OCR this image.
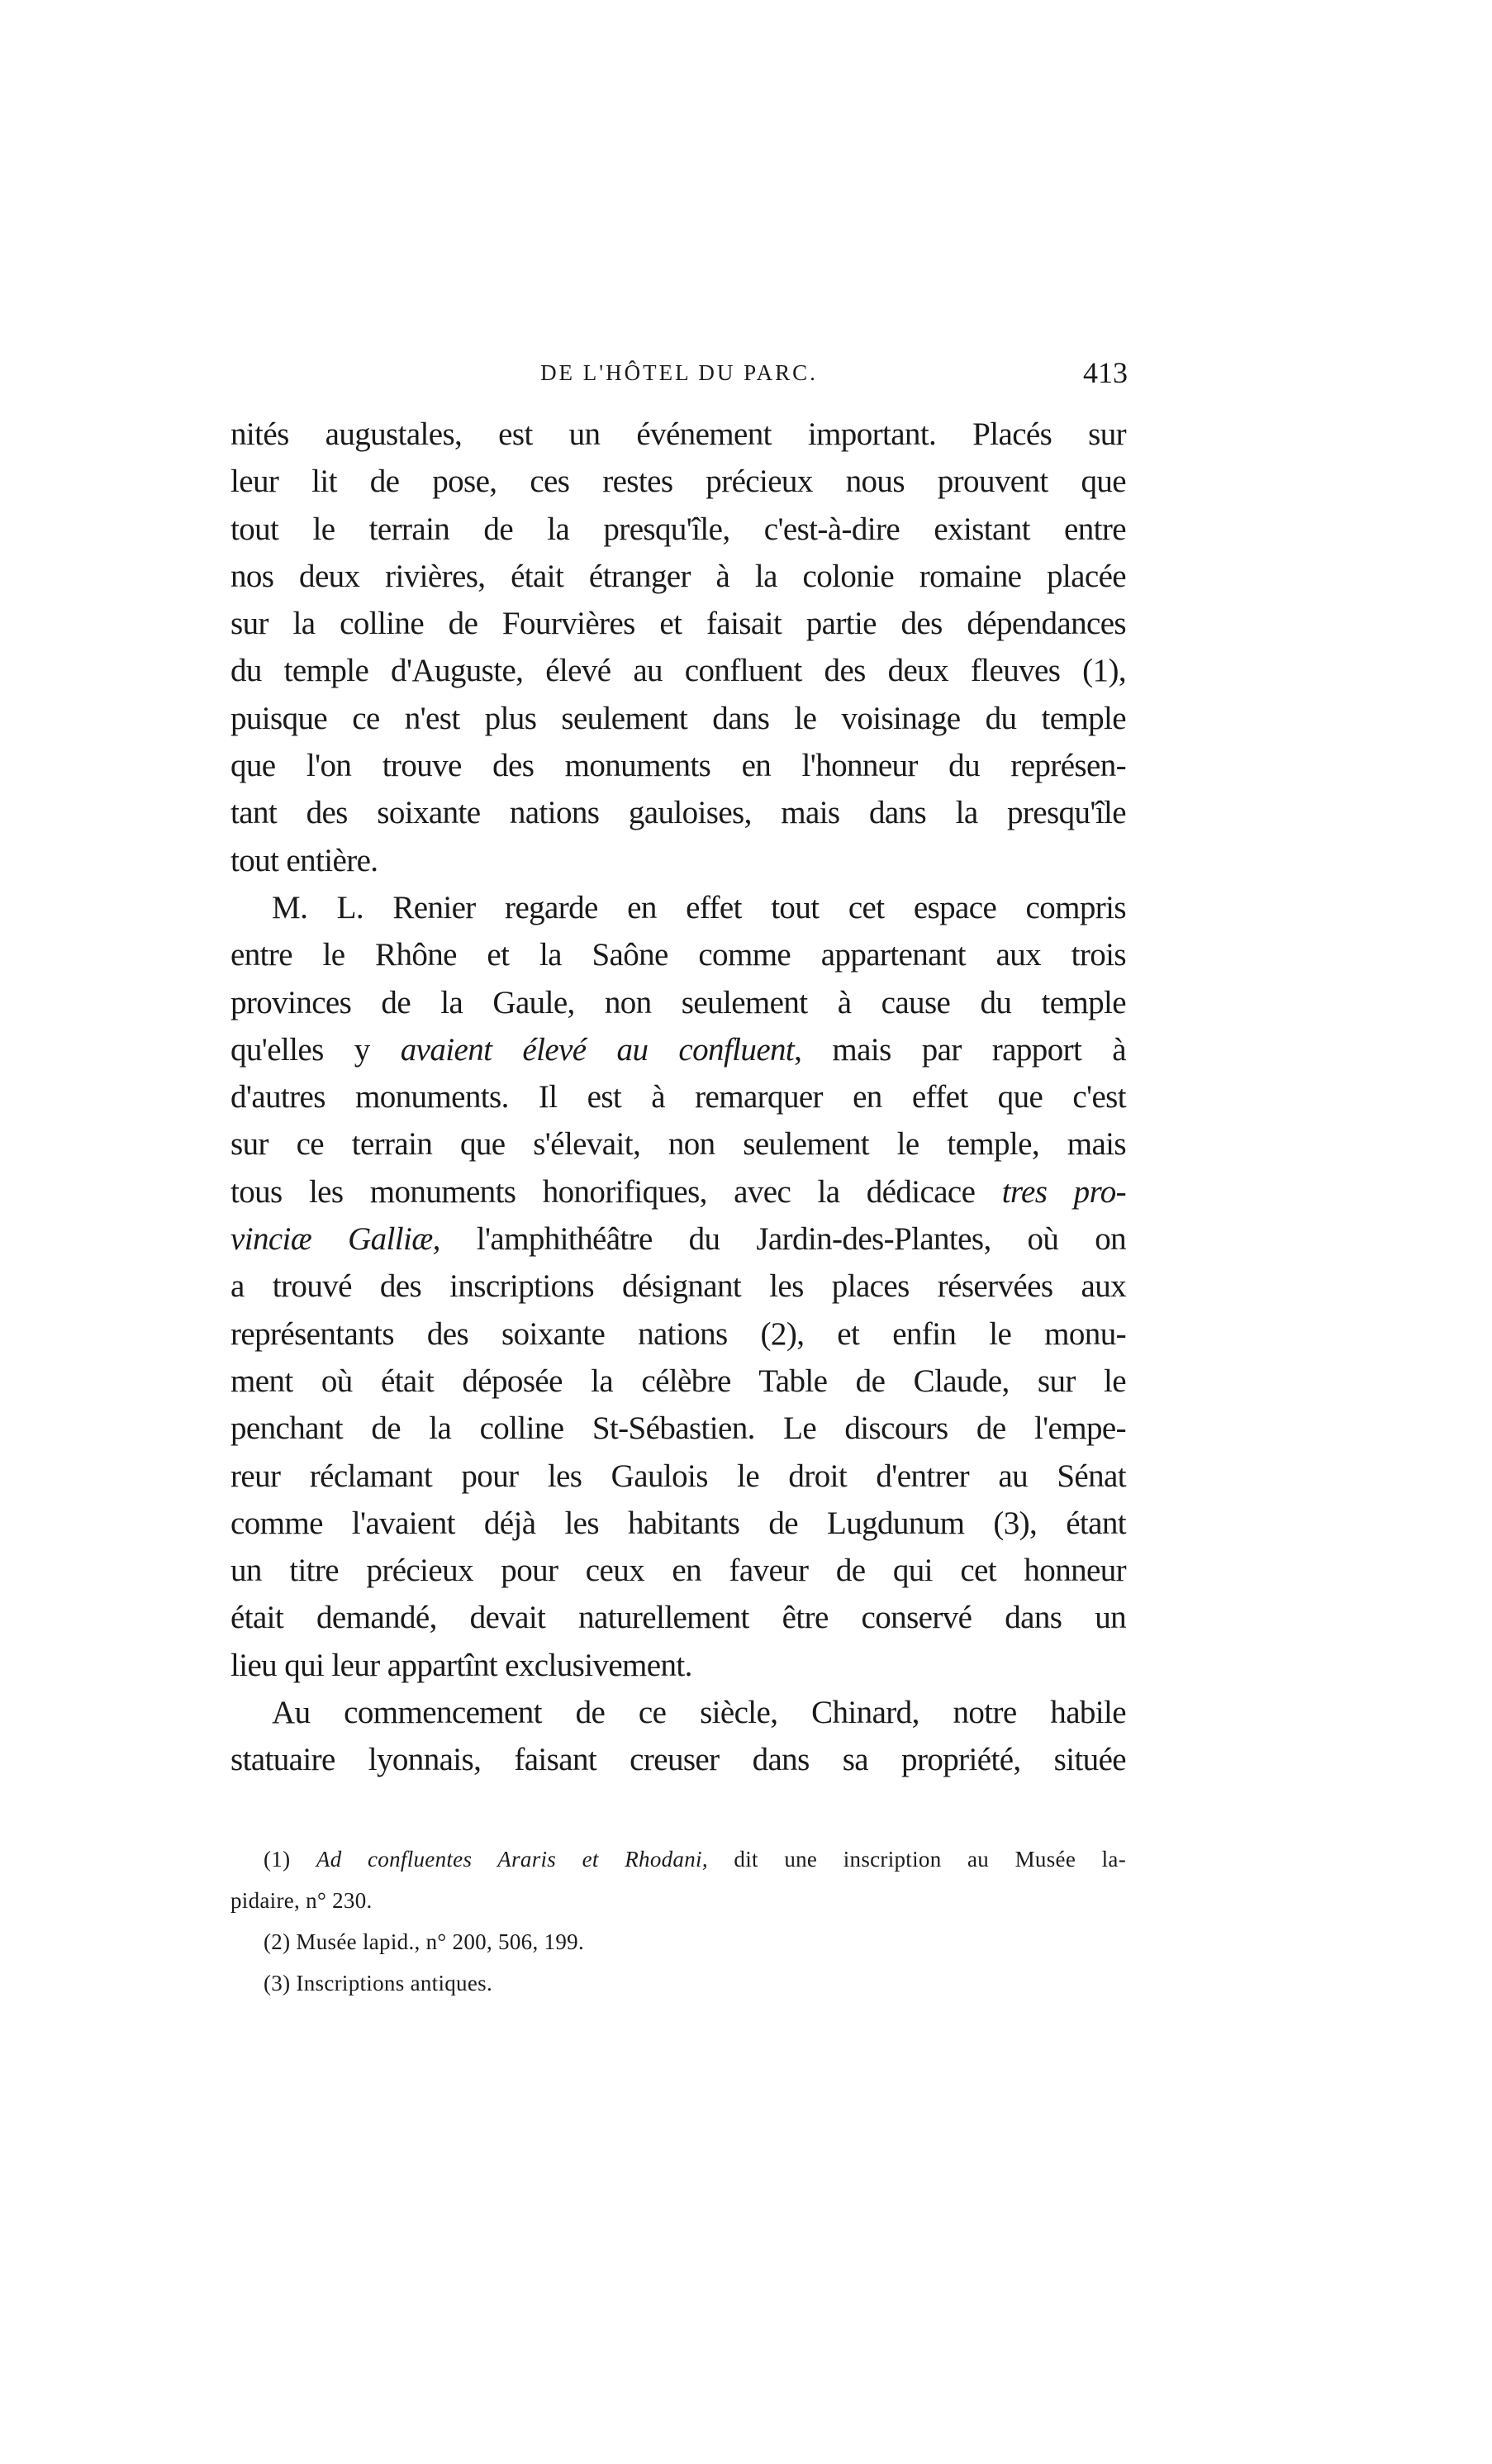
DE L'HÔTEL DU PARC.	413
nités augustales, est un événement important. Placés sur
leur lit de pose, ces restes précieux nous prouvent que
tout le terrain de la presqu'île, c'est-à-dire existant entre
nos deux rivières, était étranger à la colonie romaine placée
sur la colline de Fourvières et faisait partie des dépendances
du temple d'Auguste, élevé au confluent des deux fleuves (1),
puisque ce n'est plus seulement dans le voisinage du temple
que l'on trouve des monuments en l'honneur du représen-
tant des soixante nations gauloises, mais dans la presqu'île
tout entière.
M. L. Renier regarde en effet tout cet espace compris
entre le Rhône et la Saône comme appartenant aux trois
provinces de la Gaule, non seulement à cause du temple
qu'elles y avaient élevé au confluent, mais par rapport à
d'autres monuments. Il est à remarquer en effet que c'est
sur ce terrain que s'élevait, non seulement le temple, mais
tous les monuments honorifiques, avec la dédicace tres pro-
vinciæ Galliæ, l'amphithéâtre du Jardin-des-Plantes, où on
a trouvé des inscriptions désignant les places réservées aux
représentants des soixante nations (2), et enfin le monu-
ment où était déposée la célèbre Table de Claude, sur le
penchant de la colline St-Sébastien. Le discours de l'empe-
reur réclamant pour les Gaulois le droit d'entrer au Sénat
comme l'avaient déjà les habitants de Lugdunum (3), étant
un titre précieux pour ceux en faveur de qui cet honneur
était demandé, devait naturellement être conservé dans un
lieu qui leur appartînt exclusivement.
Au commencement de ce siècle, Chinard, notre habile
statuaire lyonnais, faisant creuser dans sa propriété, située
(1) Ad confluentes Araris et Rhodani, dit une inscription au Musée la-
pidaire, n° 230.
(2) Musée lapid., n° 200, 506, 199.
(3) Inscriptions antiques.
